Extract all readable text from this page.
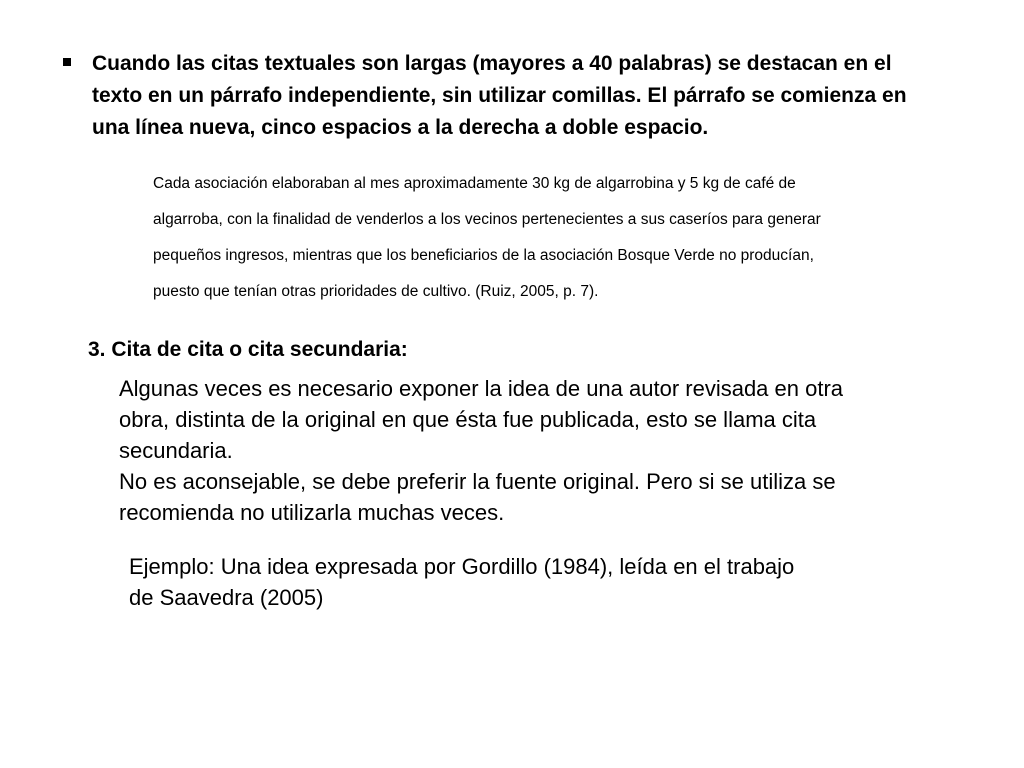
Cuando las citas textuales son largas (mayores a 40 palabras) se destacan en el
texto en un párrafo independiente, sin utilizar comillas. El párrafo se comienza en
una línea nueva, cinco espacios a la derecha a doble espacio.
Cada asociación elaboraban al mes aproximadamente 30 kg de algarrobina y 5 kg de café de
algarroba, con la finalidad de venderlos a los vecinos pertenecientes a sus caseríos para generar
pequeños ingresos, mientras que los beneficiarios de la asociación Bosque Verde no producían,
puesto que tenían otras prioridades de cultivo. (Ruiz, 2005, p. 7).
3. Cita de cita o cita secundaria:
Algunas veces es necesario exponer la idea de una autor revisada en otra
obra, distinta de la original en que ésta fue publicada, esto se llama cita
secundaria.
No es aconsejable, se debe preferir la fuente original. Pero si se utiliza se
recomienda no utilizarla muchas veces.
Ejemplo: Una idea expresada por Gordillo (1984), leída en el trabajo
de Saavedra (2005)
